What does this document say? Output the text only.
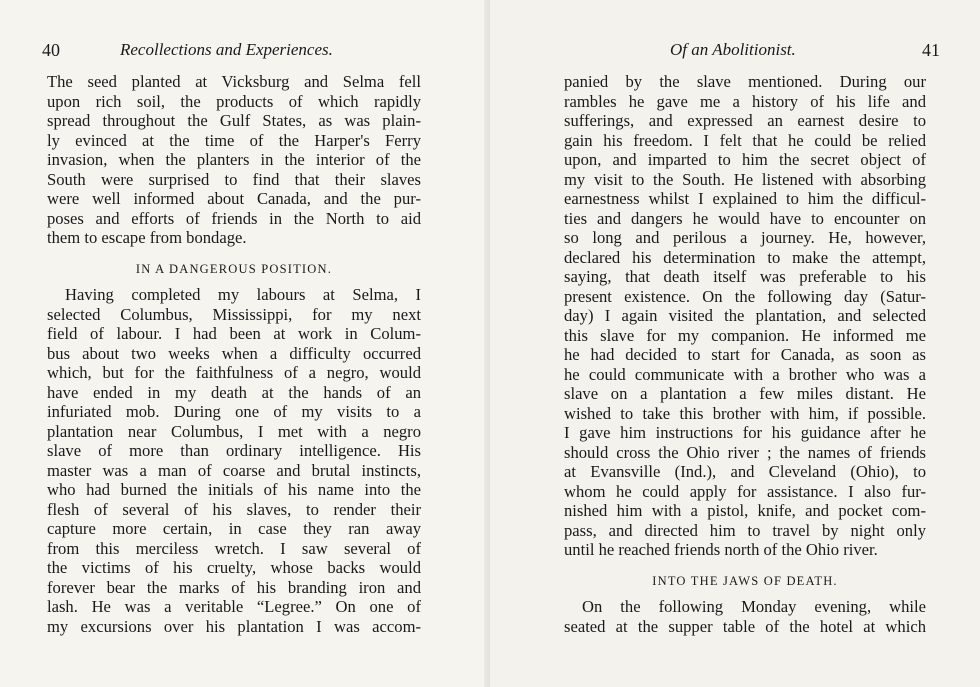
40	Recollections and Experiences.
The seed planted at Vicksburg and Selma fell
upon rich soil, the products of which rapidly
spread throughout the Gulf States, as was plain-
ly evinced at the time of the Harper's Ferry
invasion, when the planters in the interior of the
South were surprised to find that their slaves
were well informed about Canada, and the pur-
poses and efforts of friends in the North to aid
them to escape from bondage.
IN A DANGEROUS POSITION.
Having completed my labours at Selma, I
selected Columbus, Mississippi, for my next
field of labour. I had been at work in Colum-
bus about two weeks when a difficulty occurred
which, but for the faithfulness of a negro, would
have ended in my death at the hands of an
infuriated mob. During one of my visits to a
plantation near Columbus, I met with a negro
slave of more than ordinary intelligence. His
master was a man of coarse and brutal instincts,
who had burned the initials of his name into the
flesh of several of his slaves, to render their
capture more certain, in case they ran away
from this merciless wretch. I saw several of
the victims of his cruelty, whose backs would
forever bear the marks of his branding iron and
lash. He was a veritable “Legree.” On one of
my excursions over his plantation I was accom-
Of an Abolitionist.	41
panied by the slave mentioned. During our
rambles he gave me a history of his life and
sufferings, and expressed an earnest desire to
gain his freedom. I felt that he could be relied
upon, and imparted to him the secret object of
my visit to the South. He listened with absorbing
earnestness whilst I explained to him the difficul-
ties and dangers he would have to encounter on
so long and perilous a journey. He, however,
declared his determination to make the attempt,
saying, that death itself was preferable to his
present existence. On the following day (Satur-
day) I again visited the plantation, and selected
this slave for my companion. He informed me
he had decided to start for Canada, as soon as
he could communicate with a brother who was a
slave on a plantation a few miles distant. He
wished to take this brother with him, if possible.
I gave him instructions for his guidance after he
should cross the Ohio river ; the names of friends
at Evansville (Ind.), and Cleveland (Ohio), to
whom he could apply for assistance. I also fur-
nished him with a pistol, knife, and pocket com-
pass, and directed him to travel by night only
until he reached friends north of the Ohio river.
INTO THE JAWS OF DEATH.
On the following Monday evening, while
seated at the supper table of the hotel at which
